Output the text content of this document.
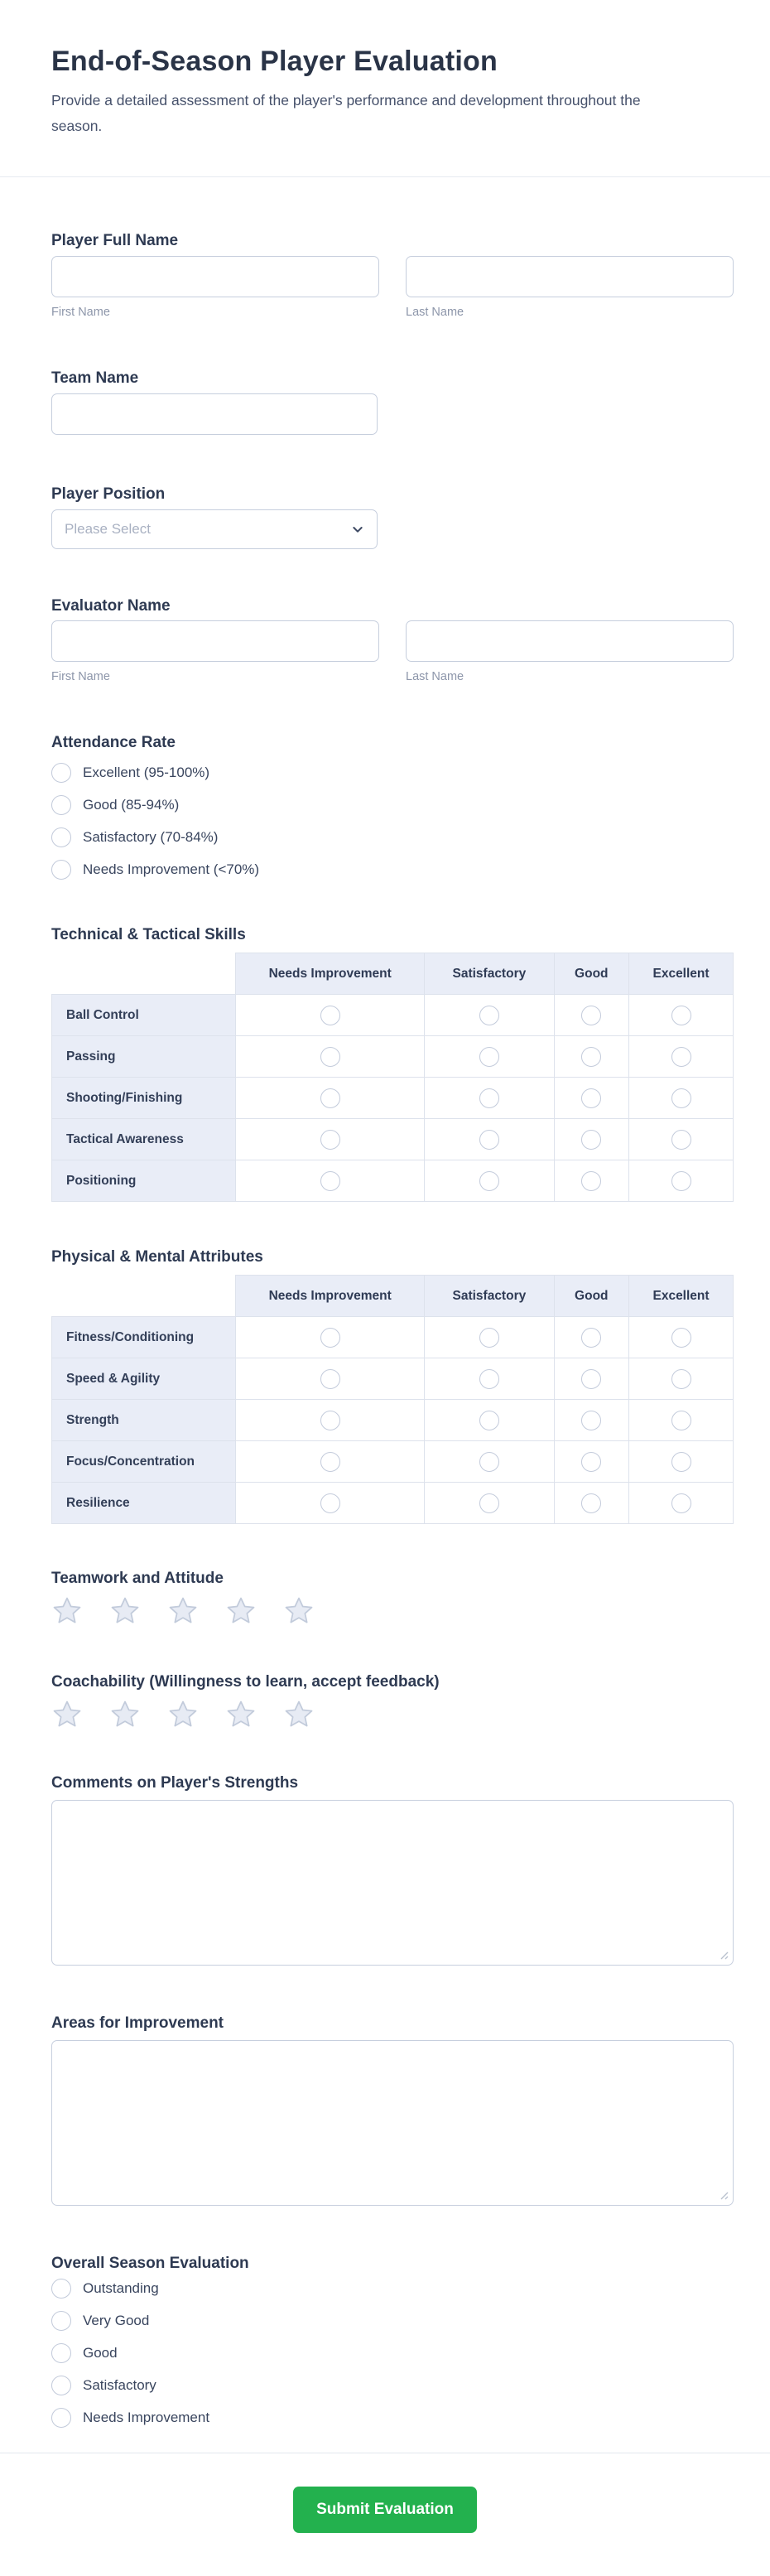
End-of-Season Player Evaluation

Provide a detailed assessment of the player's performance and development throughout the season.

Player Full Name
First Name	Last Name
Team Name
Player Position
Please Select
Evaluator Name
First Name	Last Name
Attendance Rate
Excellent (95-100%)
Good (85-94%)
Satisfactory (70-84%)
Needs Improvement (<70%)
Technical & Tactical Skills
	Needs Improvement	Satisfactory	Good	Excellent
Ball Control				
Passing				
Shooting/Finishing				
Tactical Awareness				
Positioning				
Physical & Mental Attributes
	Needs Improvement	Satisfactory	Good	Excellent
Fitness/Conditioning				
Speed & Agility				
Strength				
Focus/Concentration				
Resilience				
Teamwork and Attitude
Coachability (Willingness to learn, accept feedback)
Comments on Player's Strengths
Areas for Improvement
Overall Season Evaluation
Outstanding
Very Good
Good
Satisfactory
Needs Improvement
Submit Evaluation
